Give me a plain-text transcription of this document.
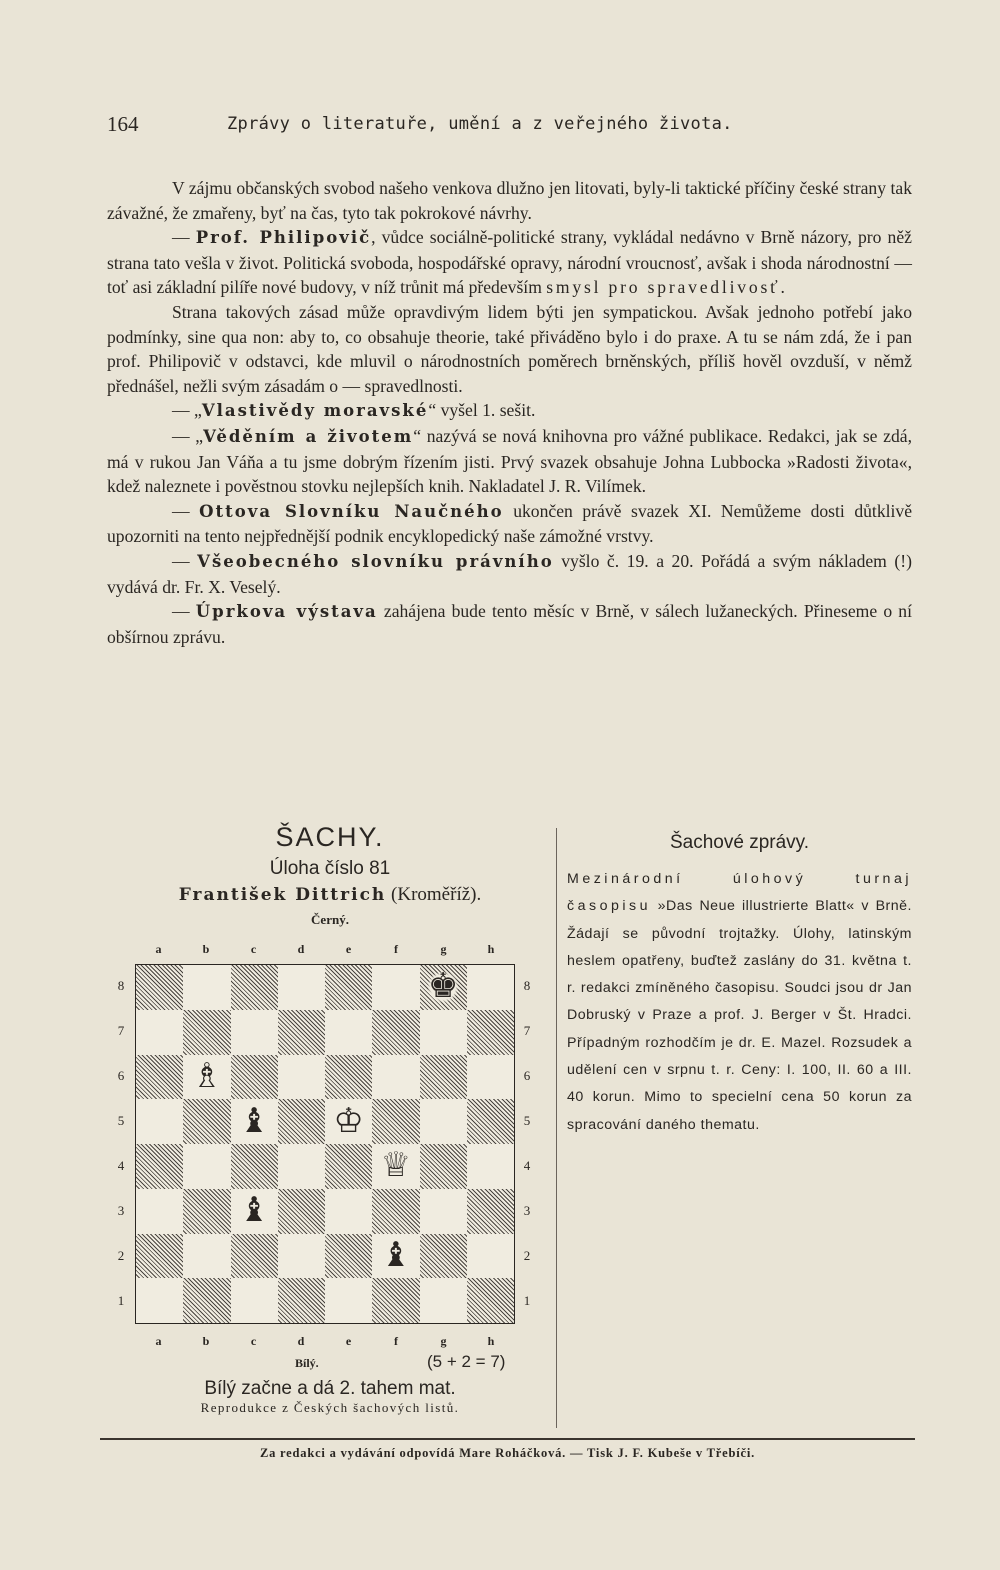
164	Zprávy o literatuře, umění a z veřejného života.

V zájmu občanských svobod našeho venkova dlužno jen litovati, byly-li taktické příčiny české strany tak závažné, že zmařeny, byť na čas, tyto tak pokrokové návrhy.

— Prof. Philipovič, vůdce sociálně-politické strany, vykládal nedávno v Brně názory, pro něž strana tato vešla v život. Politická svoboda, hospodářské opravy, národní vroucnosť, avšak i shoda národnostní — toť asi základní pilíře nové budovy, v níž trůnit má především smysl pro spravedlivosť.

Strana takových zásad může opravdivým lidem býti jen sympatickou. Avšak jednoho potřebí jako podmínky, sine qua non: aby to, co obsahuje theorie, také přiváděno bylo i do praxe. A tu se nám zdá, že i pan prof. Philipovič v odstavci, kde mluvil o národnostních poměrech brněnských, příliš hověl ovzduší, v němž přednášel, nežli svým zásadám o — spravedlnosti.

— „Vlastivědy moravské“ vyšel 1. sešit.

— „Věděním a životem“ nazývá se nová knihovna pro vážné publikace. Redakci, jak se zdá, má v rukou Jan Váňa a tu jsme dobrým řízením jisti. Prvý svazek obsahuje Johna Lubbocka »Radosti života«, kdež naleznete i pověstnou stovku nejlepších knih. Nakladatel J. R. Vilímek.

— Ottova Slovníku Naučného ukončen právě svazek XI. Nemůžeme dosti důtklivě upozorniti na tento nejpřednější podnik encyklopedický naše zámožné vrstvy.

— Všeobecného slovníku právního vyšlo č. 19. a 20. Pořádá a svým nákladem (!) vydává dr. Fr. X. Veselý.

— Úprkova výstava zahájena bude tento měsíc v Brně, v sálech lužaneckých. Přineseme o ní obšírnou zprávu.

ŠACHY.
Úloha číslo 81
František Dittrich (Kroměříž).
Černý.
a	b	c	d	e	f	g	h
8
7
6
5
4
3
2
1
8
7
6
5
4
3
2
1
♚
♗
♝ ♔
♕
♝
♝
a	b	c	d	e	f	g	h
Bílý.	(5 + 2 = 7)
Bílý začne a dá 2. tahem mat.
Reprodukce z Českých šachových listů.
Šachové zprávy.
Mezinárodní úlohový turnaj časopisu »Das Neue illustrierte Blatt« v Brně. Žádají se původní trojtažky. Úlohy, latinským heslem opatřeny, buďtež zaslány do 31. května t. r. redakci zmíněného časopisu. Soudci jsou dr Jan Dobruský v Praze a prof. J. Berger v Št. Hradci. Případným rozhodčím je dr. E. Mazel. Rozsudek a udělení cen v srpnu t. r. Ceny: I. 100, II. 60 a III. 40 korun. Mimo to specielní cena 50 korun za spracování daného thematu.
Za redakci a vydávání odpovídá Mare Roháčková. — Tisk J. F. Kubeše v Třebíči.
